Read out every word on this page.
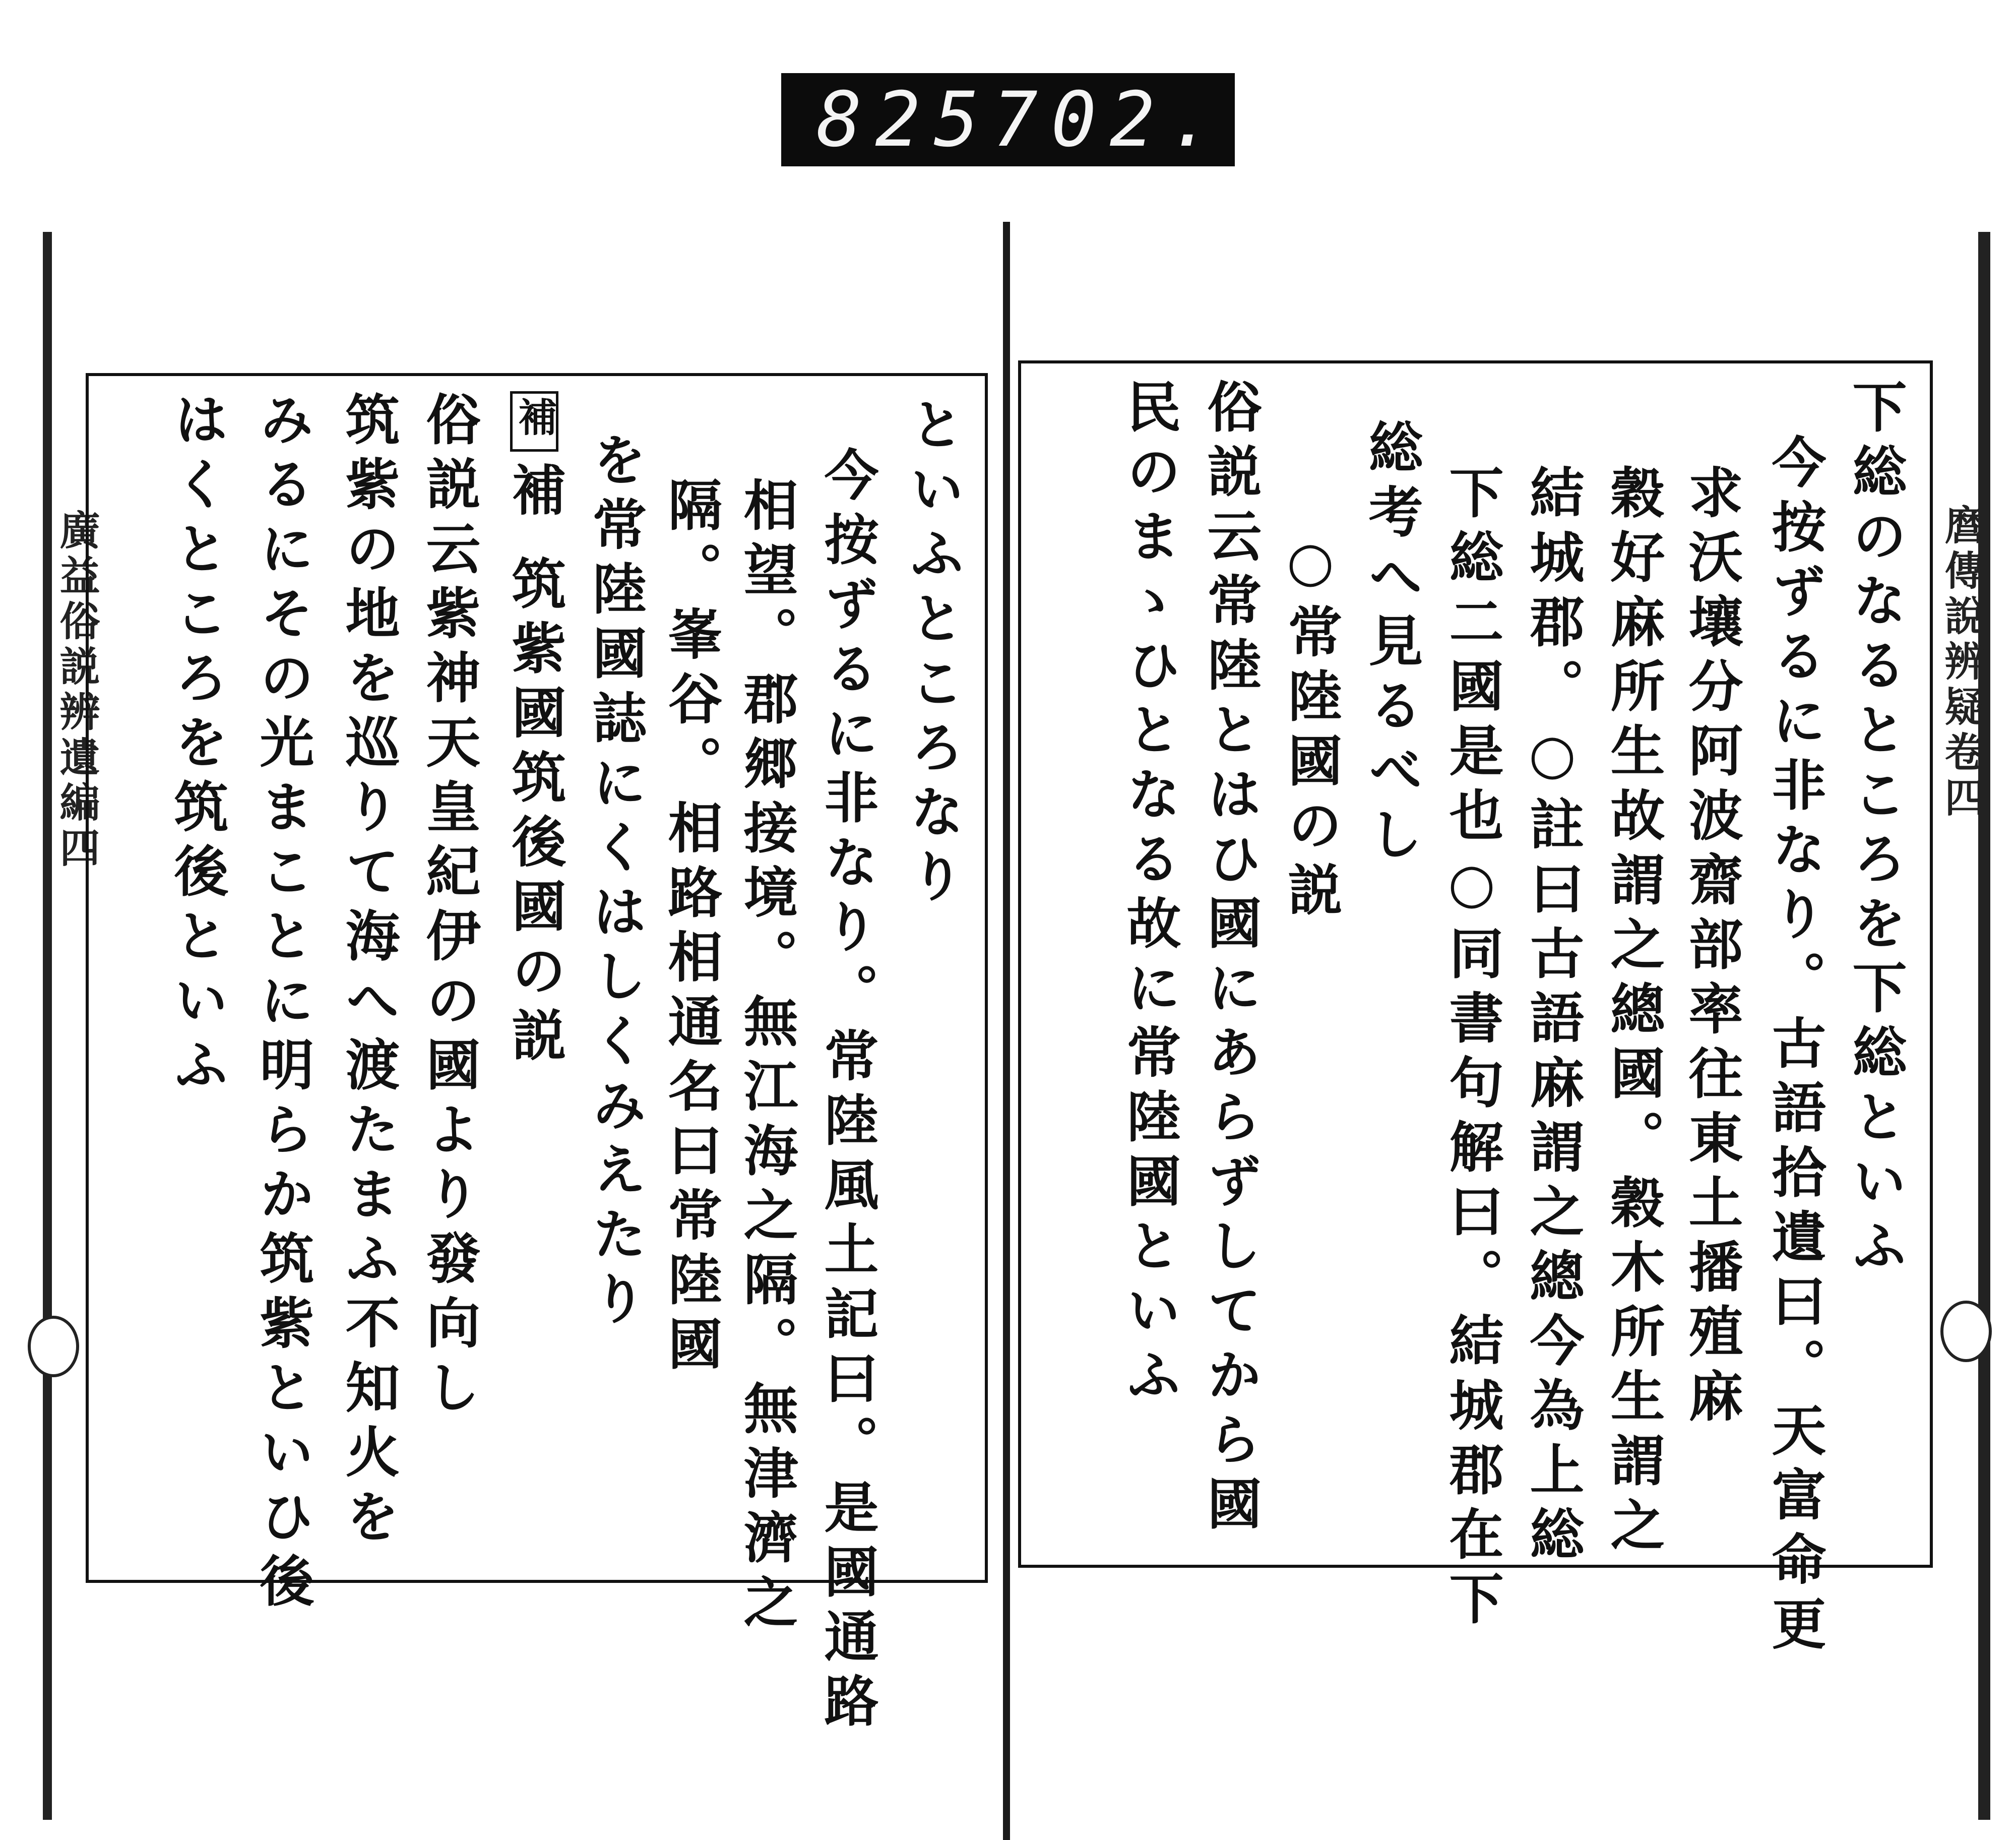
825 702.
廣益俗説辨遺編四	麿傳說辨疑卷四
といふところなり
今按ずるに非なり。常陸風土記曰。是國通路
相望。郡郷接境。無江海之隔。無津濟之
隔。峯谷。相路相通名曰常陸國
を常陸國誌にくはしくみえたり
補
補 筑紫國筑後國の説
俗説云紫神天皇紀伊の國より發向し
筑紫の地を巡りて海へ渡たまふ不知火を
みるにその光まことに明らか筑紫といひ後
はくところを筑後といふ	下総のなるところを下総といふ
今按ずるに非なり。古語拾遺曰。天富命更
求沃壤分阿波齋部率往東土播殖麻
穀好麻所生故謂之總國。穀木所生謂之
結城郡。○註曰古語麻謂之總今為上総
下総二國是也○同書句解曰。結城郡在下
総考へ見るべし
○常陸國の説
俗説云常陸とはひ國にあらずしてから國
民のまゝひとなる故に常陸國といふ
